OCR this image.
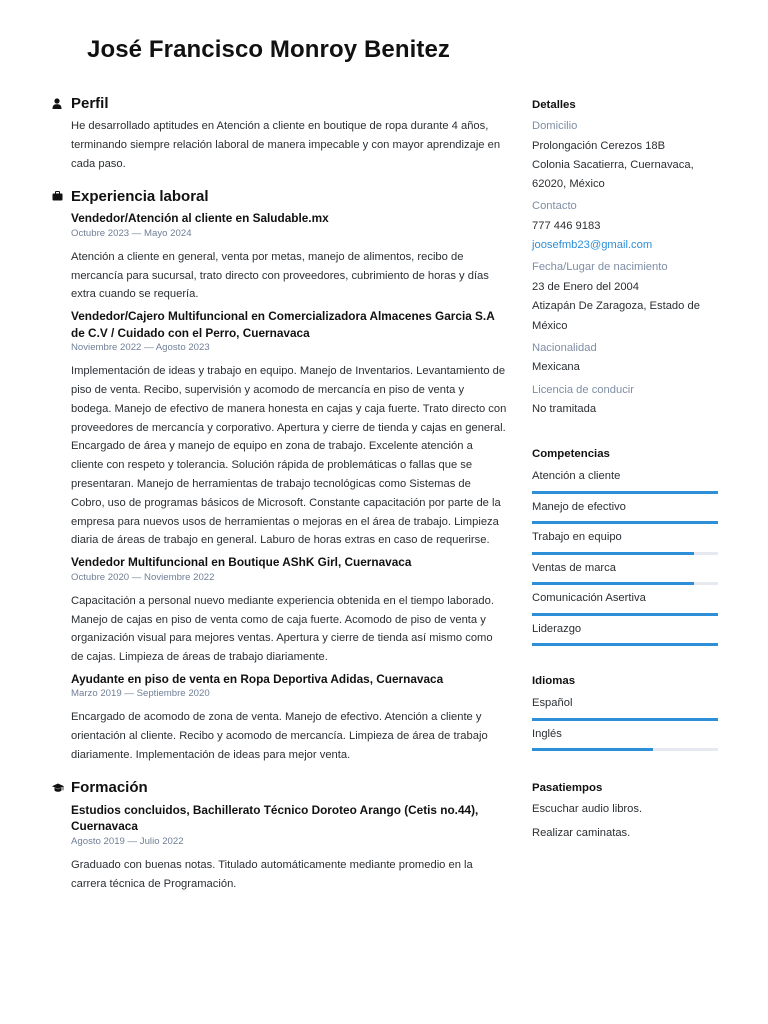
José Francisco Monroy Benitez
Perfil

He desarrollado aptitudes en Atención a cliente en boutique de ropa durante 4 años, terminando siempre relación laboral de manera impecable y con mayor aprendizaje en cada paso.

Experiencia laboral
Vendedor/Atención al cliente en Saludable.mx
Octubre 2023 — Mayo 2024

Atención a cliente en general, venta por metas, manejo de alimentos, recibo de mercancía para sucursal, trato directo con proveedores, cubrimiento de horas y días extra cuando se requería.

Vendedor/Cajero Multifuncional en Comercializadora Almacenes Garcia S.A de C.V / Cuidado con el Perro, Cuernavaca
Noviembre 2022 — Agosto 2023

Implementación de ideas y trabajo en equipo. Manejo de Inventarios. Levantamiento de piso de venta. Recibo, supervisión y acomodo de mercancía en piso de venta y bodega. Manejo de efectivo de manera honesta en cajas y caja fuerte. Trato directo con proveedores de mercancía y corporativo. Apertura y cierre de tienda y cajas en general. Encargado de área y manejo de equipo en zona de trabajo. Excelente atención a cliente con respeto y tolerancia. Solución rápida de problemáticas o fallas que se presentaran. Manejo de herramientas de trabajo tecnológicas como Sistemas de Cobro, uso de programas básicos de Microsoft. Constante capacitación por parte de la empresa para nuevos usos de herramientas o mejoras en el área de trabajo. Limpieza diaria de áreas de trabajo en general. Laburo de horas extras en caso de requerirse.

Vendedor Multifuncional en Boutique AShK Girl, Cuernavaca
Octubre 2020 — Noviembre 2022

Capacitación a personal nuevo mediante experiencia obtenida en el tiempo laborado. Manejo de cajas en piso de venta como de caja fuerte. Acomodo de piso de venta y organización visual para mejores ventas. Apertura y cierre de tienda así mismo como de cajas. Limpieza de áreas de trabajo diariamente.

Ayudante en piso de venta en Ropa Deportiva Adidas, Cuernavaca
Marzo 2019 — Septiembre 2020

Encargado de acomodo de zona de venta. Manejo de efectivo. Atención a cliente y orientación al cliente. Recibo y acomodo de mercancía. Limpieza de área de trabajo diariamente. Implementación de ideas para mejor venta.

Formación
Estudios concluidos, Bachillerato Técnico Doroteo Arango (Cetis no.44), Cuernavaca
Agosto 2019 — Julio 2022

Graduado con buenas notas. Titulado automáticamente mediante promedio en la carrera técnica de Programación.

Detalles
Domicilio
Prolongación Cerezos 18B
Colonia Sacatierra, Cuernavaca,
62020, México
Contacto
777 446 9183
joosefmb23@gmail.com
Fecha/Lugar de nacimiento
23 de Enero del 2004
Atizapán De Zaragoza, Estado de
México
Nacionalidad
Mexicana
Licencia de conducir
No tramitada
Competencias
Atención a cliente
Manejo de efectivo
Trabajo en equipo
Ventas de marca
Comunicación Asertiva
Liderazgo
Idiomas
Español
Inglés
Pasatiempos
Escuchar audio libros.
Realizar caminatas.
